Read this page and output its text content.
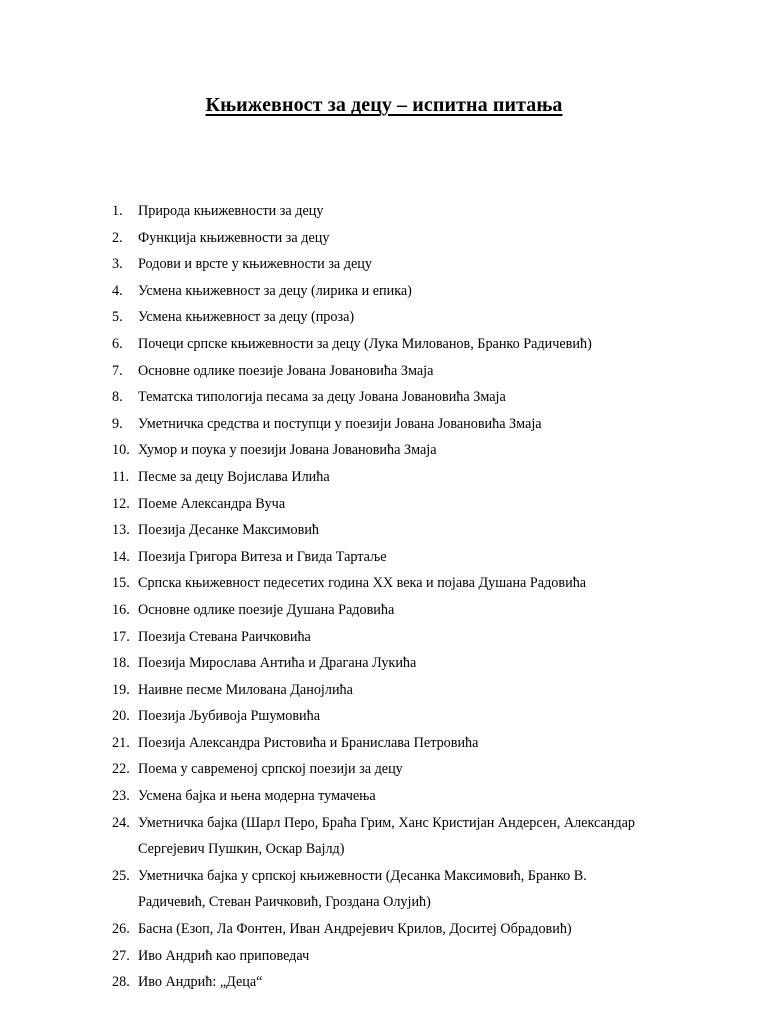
Књижевност за децу – испитна питања
1.	Природа књижевности за децу
2.	Функција књижевности за децу
3.	Родови и врсте у књижевности за децу
4.	Усмена књижевност за децу (лирика и епика)
5.	Усмена књижевност за децу (проза)
6.	Почеци српске књижевности за децу (Лука Милованов, Бранко Радичевић)
7.	Основне одлике поезије Јована Јовановића Змаја
8.	Тематска типологија песама за децу Јована Јовановића Змаја
9.	Уметничка средства и поступци у поезији Јована Јовановића Змаја
10. Хумор и поука у поезији Јована Јовановића Змаја
11. Песме за децу Војислава Илића
12. Поеме Александра Вуча
13. Поезија Десанке Максимовић
14. Поезија Григора Витеза и Гвида Тартаље
15. Српска књижевност педесетих година XX века и појава Душана Радовића
16. Основне одлике поезије Душана Радовића
17. Поезија Стевана Раичковића
18. Поезија Мирослава Антића и Драгана Лукића
19. Наивне песме Милована Данојлића
20. Поезија Љубивоја Ршумовића
21. Поезија Александра Ристовића и Бранислава Петровића
22. Поема у савременој српској поезији за децу
23. Усмена бајка и њена модерна тумачења
24. Уметничка бајка (Шарл Перо, Браћа Грим, Ханс Кристијан Андерсен, Александар Сергејевич Пушкин, Оскар Вајлд)
25. Уметничка бајка у српској књижевности (Десанка Максимовић, Бранко В. Радичевић, Стеван Раичковић, Гроздана Олујић)
26. Басна (Езоп, Ла Фонтен, Иван Андрејевич Крилов, Доситеј Обрадовић)
27. Иво Андрић као приповедач
28. Иво Андрић: „Деца“
